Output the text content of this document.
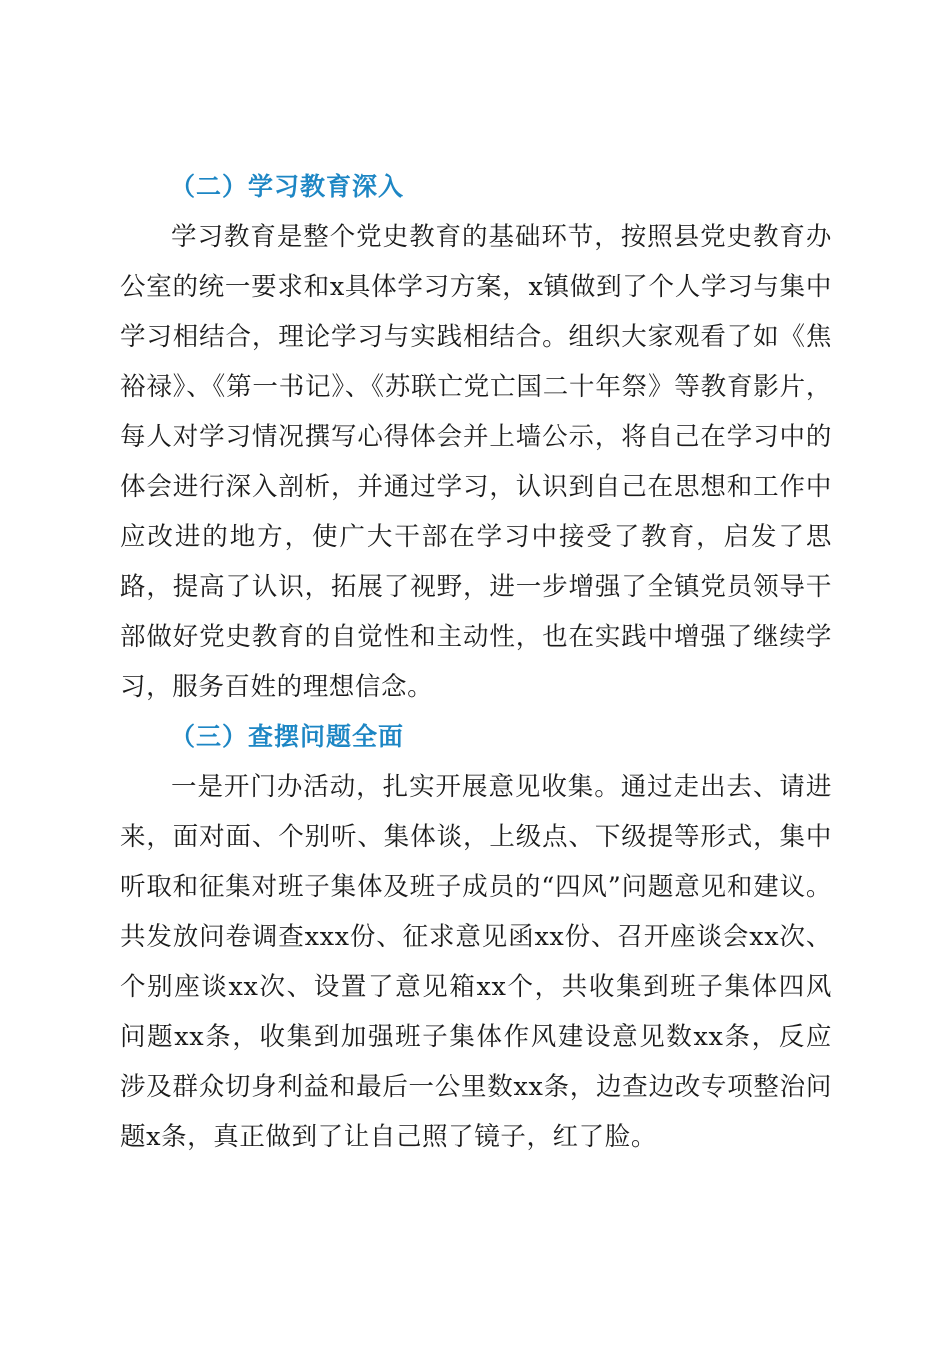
（二）学习教育深入

学习教育是整个党史教育的基础环节，按照县党史教育办公室的统一要求和x具体学习方案，x镇做到了个人学习与集中学习相结合，理论学习与实践相结合。组织大家观看了如《焦裕禄》、《第一书记》、《苏联亡党亡国二十年祭》等教育影片，每人对学习情况撰写心得体会并上墙公示，将自己在学习中的体会进行深入剖析，并通过学习，认识到自己在思想和工作中应改进的地方，使广大干部在学习中接受了教育，启发了思路，提高了认识，拓展了视野，进一步增强了全镇党员领导干部做好党史教育的自觉性和主动性，也在实践中增强了继续学习，服务百姓的理想信念。

（三）查摆问题全面

一是开门办活动，扎实开展意见收集。通过走出去、请进来，面对面、个别听、集体谈，上级点、下级提等形式，集中听取和征集对班子集体及班子成员的“四风”问题意见和建议。共发放问卷调查xxx份、征求意见函xx份、召开座谈会xx次、个别座谈xx次、设置了意见箱xx个，共收集到班子集体四风问题xx条，收集到加强班子集体作风建设意见数xx条，反应涉及群众切身利益和最后一公里数xx条，边查边改专项整治问题x条，真正做到了让自己照了镜子，红了脸。
